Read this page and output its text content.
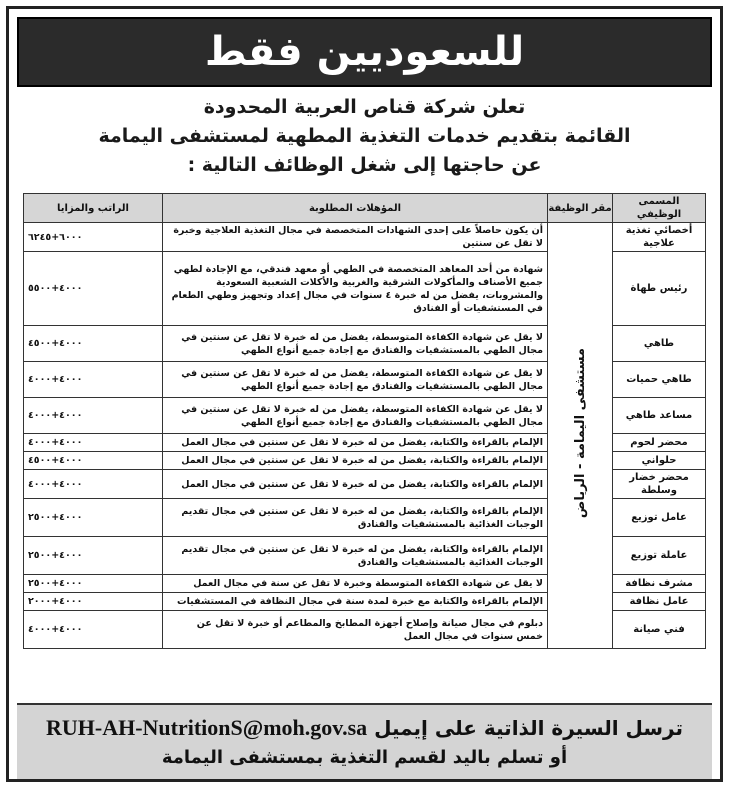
للسعوديين فقط
تعلن شركة قناص العربية المحدودة
القائمة بتقديم خدمات التغذية المطهية لمستشفى اليمامة
عن حاجتها إلى شغل الوظائف التالية :
المسمى الوظيفي	مقر الوظيفة	المؤهلات المطلوبة	الراتب والمزايا
أخصائي تغذية علاجية	مستشفى اليمامة - الرياض	أن يكون حاصلاً على إحدى الشهادات المتخصصة في مجال التغذية العلاجية وخبرة لا تقل عن سنتين	٦٠٠٠+٦٢٤٥
رئيس طهاة		شهادة من أحد المعاهد المتخصصة في الطهي أو معهد فندقي، مع الإجادة لطهي جميع الأصناف والمأكولات الشرقية والغربية والأكلات الشعبية السعودية والمشروبات، يفضل من له خبرة ٤ سنوات في مجال إعداد وتجهيز وطهي الطعام في المستشفيات أو الفنادق	٤٠٠٠+٥٥٠٠
طاهي		لا يقل عن شهادة الكفاءة المتوسطة، يفضل من له خبرة لا تقل عن سنتين في مجال الطهي بالمستشفيات والفنادق مع إجادة جميع أنواع الطهي	٤٠٠٠+٤٥٠٠
طاهي حميات		لا يقل عن شهادة الكفاءة المتوسطة، يفضل من له خبرة لا تقل عن سنتين في مجال الطهي بالمستشفيات والفنادق مع إجادة جميع أنواع الطهي	٤٠٠٠+٤٠٠٠
مساعد طاهي		لا يقل عن شهادة الكفاءة المتوسطة، يفضل من له خبرة لا تقل عن سنتين في مجال الطهي بالمستشفيات والفنادق مع إجادة جميع أنواع الطهي	٤٠٠٠+٤٠٠٠
محضر لحوم		الإلمام بالقراءة والكتابة، يفضل من له خبرة لا تقل عن سنتين في مجال العمل	٤٠٠٠+٤٠٠٠
حلواني		الإلمام بالقراءة والكتابة، يفضل من له خبرة لا تقل عن سنتين في مجال العمل	٤٠٠٠+٤٥٠٠
محضر خضار وسلطة		الإلمام بالقراءة والكتابة، يفضل من له خبرة لا تقل عن سنتين في مجال العمل	٤٠٠٠+٤٠٠٠
عامل توزيع		الإلمام بالقراءة والكتابة، يفضل من له خبرة لا تقل عن سنتين في مجال تقديم الوجبات الغذائية بالمستشفيات والفنادق	٤٠٠٠+٢٥٠٠
عاملة توزيع		الإلمام بالقراءة والكتابة، يفضل من له خبرة لا تقل عن سنتين في مجال تقديم الوجبات الغذائية بالمستشفيات والفنادق	٤٠٠٠+٢٥٠٠
مشرف نظافة		لا يقل عن شهادة الكفاءة المتوسطة وخبرة لا تقل عن سنة في مجال العمل	٤٠٠٠+٢٥٠٠
عامل نظافة		الإلمام بالقراءة والكتابة مع خبرة لمدة سنة في مجال النظافة في المستشفيات	٤٠٠٠+٢٠٠٠
فني صيانة		دبلوم في مجال صيانة وإصلاح أجهزة المطابخ والمطاعم أو خبرة لا تقل عن خمس سنوات في مجال العمل	٤٠٠٠+٤٠٠٠
ترسل السيرة الذاتية على إيميل RUH-AH-NutritionS@moh.gov.sa
أو تسلم باليد لقسم التغذية بمستشفى اليمامة
